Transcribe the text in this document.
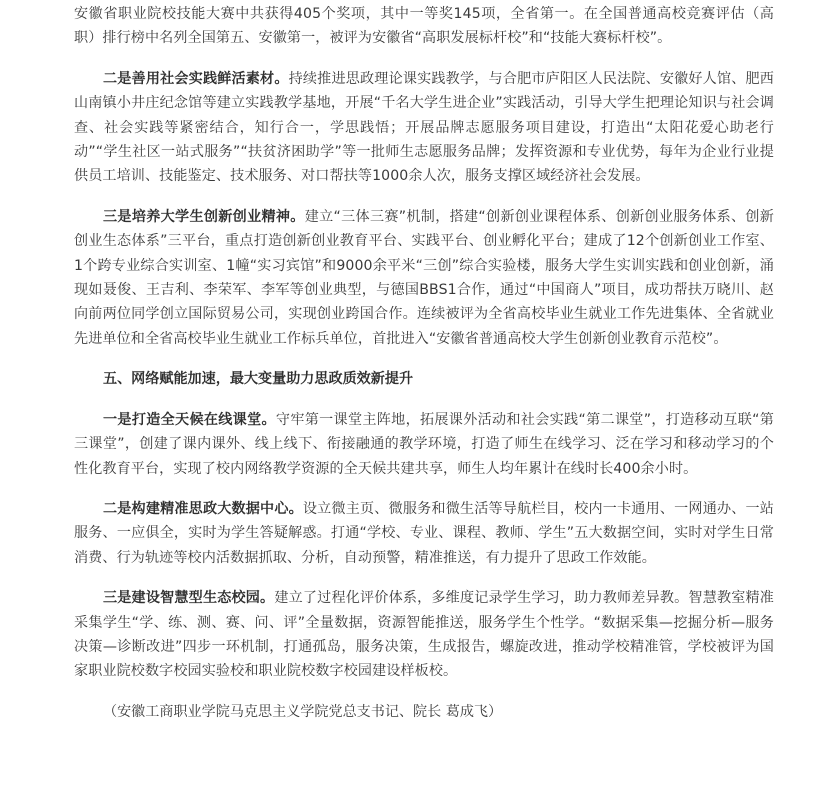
安徽省职业院校技能大赛中共获得405个奖项，其中一等奖145项，全省第一。在全国普通高校竞赛评估（高职）排行榜中名列全国第五、安徽第一，被评为安徽省“高职发展标杆校”和“技能大赛标杆校”。

二是善用社会实践鲜活素材。持续推进思政理论课实践教学，与合肥市庐阳区人民法院、安徽好人馆、肥西山南镇小井庄纪念馆等建立实践教学基地，开展“千名大学生进企业”实践活动，引导大学生把理论知识与社会调查、社会实践等紧密结合，知行合一，学思践悟；开展品牌志愿服务项目建设，打造出“太阳花爱心助老行动”“学生社区一站式服务”“扶贫济困助学”等一批师生志愿服务品牌；发挥资源和专业优势，每年为企业行业提供员工培训、技能鉴定、技术服务、对口帮扶等1000余人次，服务支撑区域经济社会发展。

三是培养大学生创新创业精神。建立“三体三赛”机制，搭建“创新创业课程体系、创新创业服务体系、创新创业生态体系”三平台，重点打造创新创业教育平台、实践平台、创业孵化平台；建成了12个创新创业工作室、1个跨专业综合实训室、1幢“实习宾馆”和9000余平米“三创”综合实验楼，服务大学生实训实践和创业创新，涌现如聂俊、王吉利、李荣军、李军等创业典型，与德国BBS1合作，通过“中国商人”项目，成功帮扶万晓川、赵向前两位同学创立国际贸易公司，实现创业跨国合作。连续被评为全省高校毕业生就业工作先进集体、全省就业先进单位和全省高校毕业生就业工作标兵单位，首批进入“安徽省普通高校大学生创新创业教育示范校”。

五、网络赋能加速，最大变量助力思政质效新提升

一是打造全天候在线课堂。守牢第一课堂主阵地，拓展课外活动和社会实践“第二课堂”，打造移动互联“第三课堂”，创建了课内课外、线上线下、衔接融通的教学环境，打造了师生在线学习、泛在学习和移动学习的个性化教育平台，实现了校内网络教学资源的全天候共建共享，师生人均年累计在线时长400余小时。

二是构建精准思政大数据中心。设立微主页、微服务和微生活等导航栏目，校内一卡通用、一网通办、一站服务、一应俱全，实时为学生答疑解惑。打通“学校、专业、课程、教师、学生”五大数据空间，实时对学生日常消费、行为轨迹等校内活数据抓取、分析，自动预警，精准推送，有力提升了思政工作效能。

三是建设智慧型生态校园。建立了过程化评价体系，多维度记录学生学习，助力教师差异教。智慧教室精准采集学生“学、练、测、赛、问、评”全量数据，资源智能推送，服务学生个性学。“数据采集—挖掘分析—服务决策—诊断改进”四步一环机制，打通孤岛，服务决策，生成报告，螺旋改进，推动学校精准管，学校被评为国家职业院校数字校园实验校和职业院校数字校园建设样板校。

（安徽工商职业学院马克思主义学院党总支书记、院长 葛成飞）
